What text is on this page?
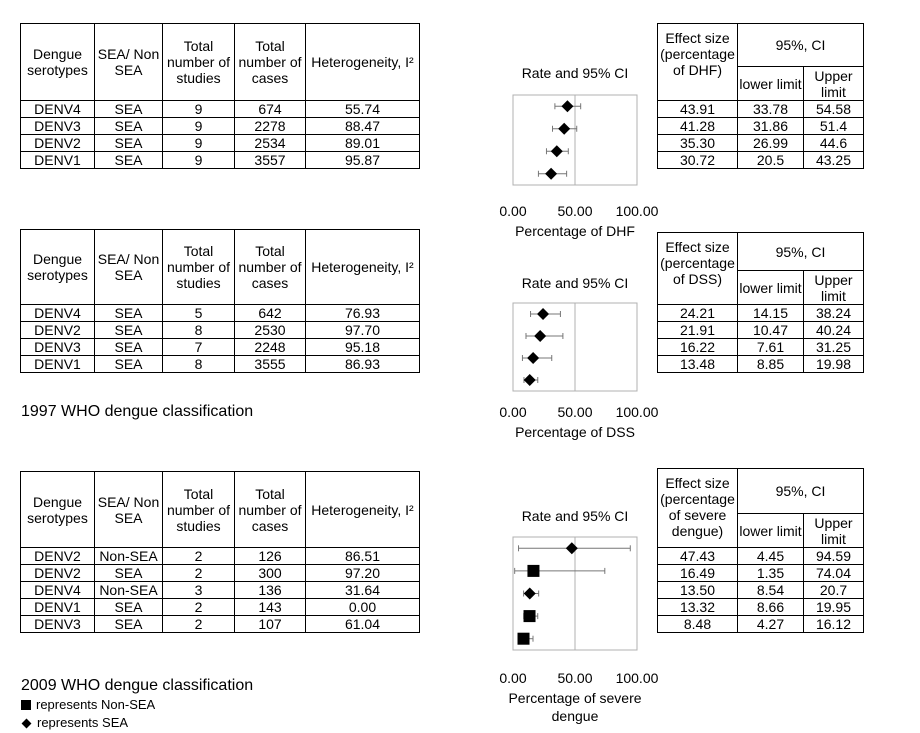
Dengue serotypes	SEA/ Non SEA	Total number of studies	Total number of cases	Heterogeneity, I²
DENV4	SEA	9	674	55.74
DENV3	SEA	9	2278	88.47
DENV2	SEA	9	2534	89.01
DENV1	SEA	9	3557	95.87
Effect size (percentage of DHF)	95%, CI	
	lower limit	Upper limit
43.91	33.78	54.58
41.28	31.86	51.4
35.30	26.99	44.6
30.72	20.5	43.25
Dengue serotypes	SEA/ Non SEA	Total number of studies	Total number of cases	Heterogeneity, I²
DENV4	SEA	5	642	76.93
DENV2	SEA	8	2530	97.70
DENV3	SEA	7	2248	95.18
DENV1	SEA	8	3555	86.93
Effect size (percentage of DSS)	95%, CI	
	lower limit	Upper limit
24.21	14.15	38.24
21.91	10.47	40.24
16.22	7.61	31.25
13.48	8.85	19.98
Dengue serotypes	SEA/ Non SEA	Total number of studies	Total number of cases	Heterogeneity, I²
DENV2	Non-SEA	2	126	86.51
DENV2	SEA	2	300	97.20
DENV4	Non-SEA	3	136	31.64
DENV1	SEA	2	143	0.00
DENV3	SEA	2	107	61.04
Effect size (percentage of severe dengue)	95%, CI	
	lower limit	Upper limit
47.43	4.45	94.59
16.49	1.35	74.04
13.50	8.54	20.7
13.32	8.66	19.95
8.48	4.27	16.12
1997 WHO dengue classification
2009 WHO dengue classification
represents Non-SEA
represents SEA
Rate and 95% CI
0.00 50.00 100.00
Percentage of DHF
Rate and 95% CI
0.00 50.00 100.00
Percentage of DSS
Rate and 95% CI
0.00 50.00 100.00
Percentage of severe dengue
